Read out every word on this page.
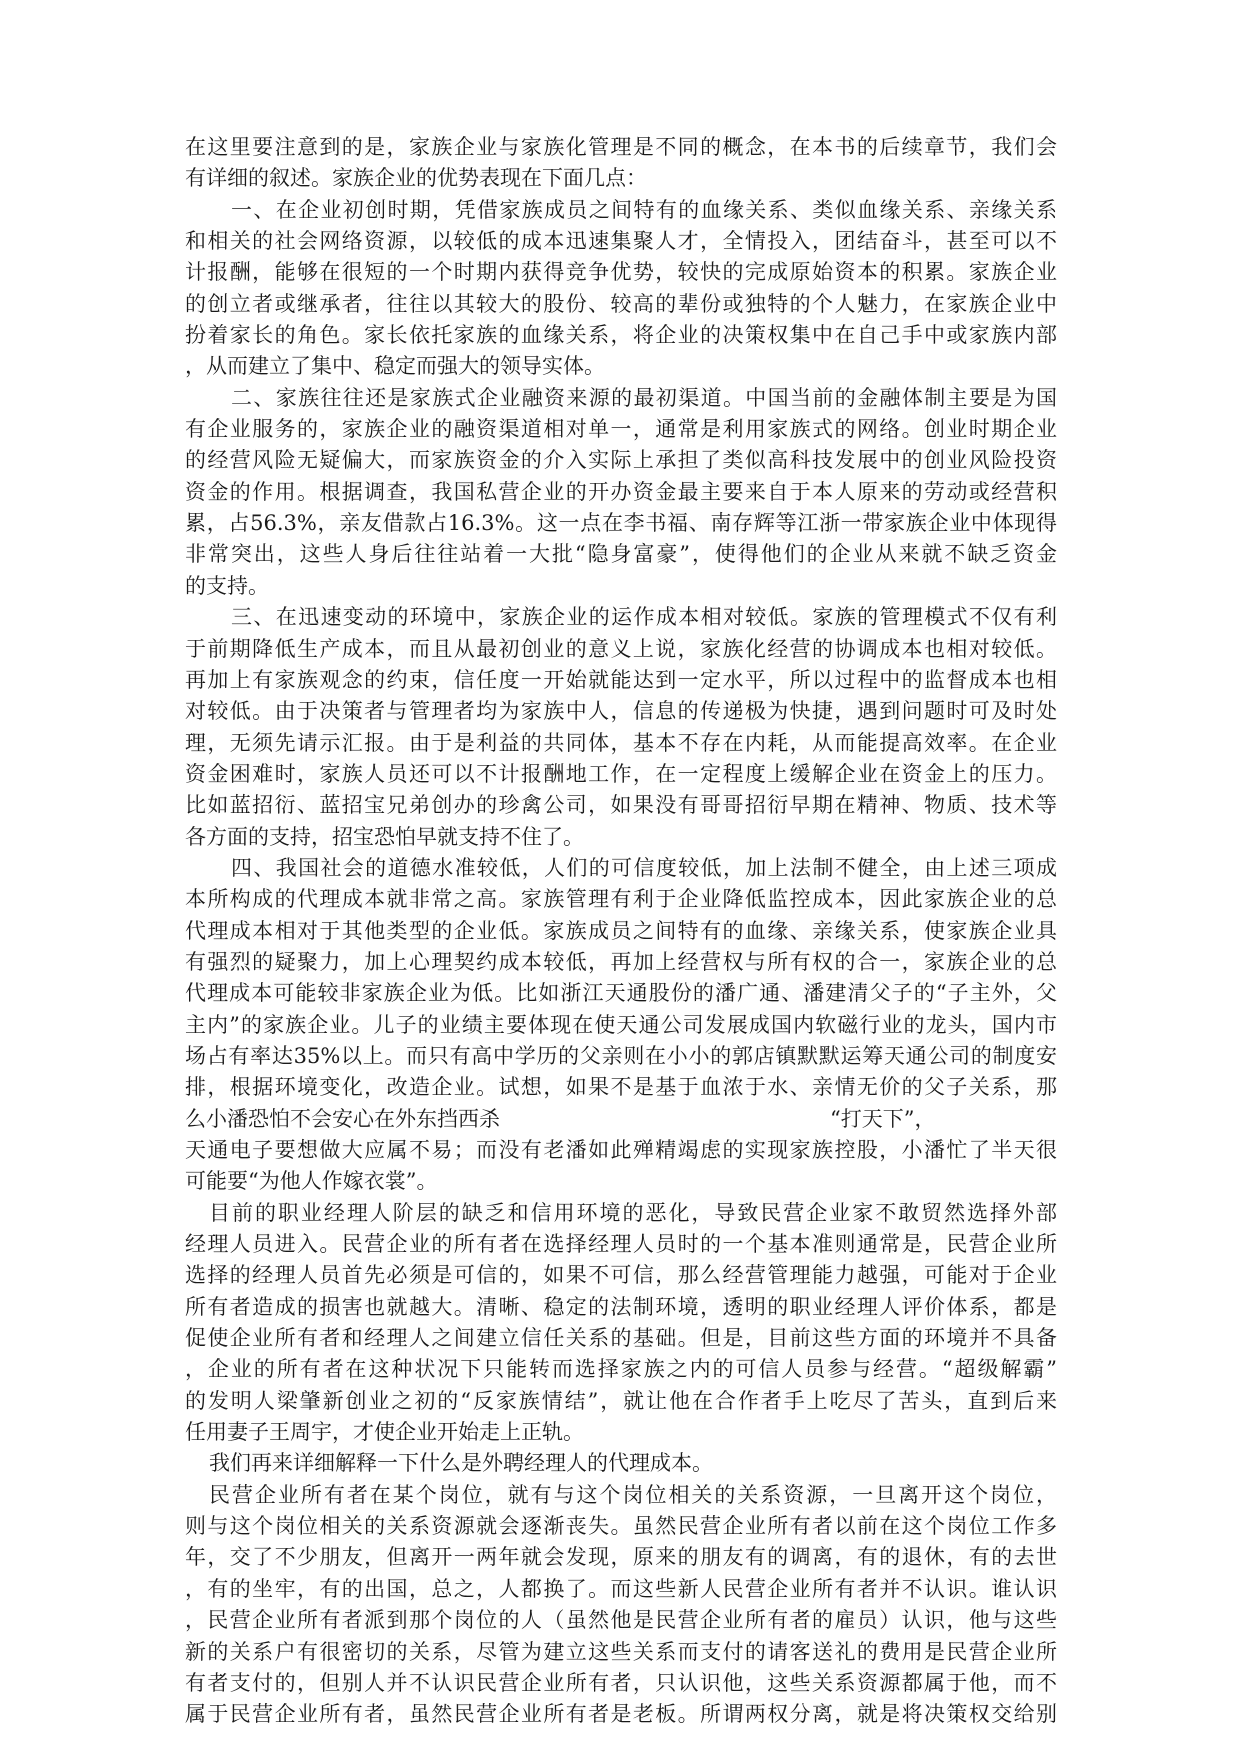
在这里要注意到的是，家族企业与家族化管理是不同的概念，在本书的后续章节，我们会
有详细的叙述。家族企业的优势表现在下面几点：
一、在企业初创时期，凭借家族成员之间特有的血缘关系、类似血缘关系、亲缘关系
和相关的社会网络资源，以较低的成本迅速集聚人才，全情投入，团结奋斗，甚至可以不
计报酬，能够在很短的一个时期内获得竞争优势，较快的完成原始资本的积累。家族企业
的创立者或继承者，往往以其较大的股份、较高的辈份或独特的个人魅力，在家族企业中
扮着家长的角色。家长依托家族的血缘关系，将企业的决策权集中在自己手中或家族内部
，从而建立了集中、稳定而强大的领导实体。
二、家族往往还是家族式企业融资来源的最初渠道。中国当前的金融体制主要是为国
有企业服务的，家族企业的融资渠道相对单一，通常是利用家族式的网络。创业时期企业
的经营风险无疑偏大，而家族资金的介入实际上承担了类似高科技发展中的创业风险投资
资金的作用。根据调查，我国私营企业的开办资金最主要来自于本人原来的劳动或经营积
累，占56.3%，亲友借款占16.3%。这一点在李书福、南存辉等江浙一带家族企业中体现得
非常突出，这些人身后往往站着一大批“隐身富豪”，使得他们的企业从来就不缺乏资金
的支持。
三、在迅速变动的环境中，家族企业的运作成本相对较低。家族的管理模式不仅有利
于前期降低生产成本，而且从最初创业的意义上说，家族化经营的协调成本也相对较低。
再加上有家族观念的约束，信任度一开始就能达到一定水平，所以过程中的监督成本也相
对较低。由于决策者与管理者均为家族中人，信息的传递极为快捷，遇到问题时可及时处
理，无须先请示汇报。由于是利益的共同体，基本不存在内耗，从而能提高效率。在企业
资金困难时，家族人员还可以不计报酬地工作，在一定程度上缓解企业在资金上的压力。
比如蓝招衍、蓝招宝兄弟创办的珍禽公司，如果没有哥哥招衍早期在精神、物质、技术等
各方面的支持，招宝恐怕早就支持不住了。
四、我国社会的道德水准较低，人们的可信度较低，加上法制不健全，由上述三项成
本所构成的代理成本就非常之高。家族管理有利于企业降低监控成本，因此家族企业的总
代理成本相对于其他类型的企业低。家族成员之间特有的血缘、亲缘关系，使家族企业具
有强烈的疑聚力，加上心理契约成本较低，再加上经营权与所有权的合一，家族企业的总
代理成本可能较非家族企业为低。比如浙江天通股份的潘广通、潘建清父子的“子主外，父
主内”的家族企业。儿子的业绩主要体现在使天通公司发展成国内软磁行业的龙头，国内市
场占有率达35%以上。而只有高中学历的父亲则在小小的郭店镇默默运筹天通公司的制度安
排，根据环境变化，改造企业。试想，如果不是基于血浓于水、亲情无价的父子关系，那
么小潘恐怕不会安心在外东挡西杀	“打天下”，
天通电子要想做大应属不易；而没有老潘如此殚精竭虑的实现家族控股，小潘忙了半天很
可能要“为他人作嫁衣裳”。
目前的职业经理人阶层的缺乏和信用环境的恶化，导致民营企业家不敢贸然选择外部
经理人员进入。民营企业的所有者在选择经理人员时的一个基本准则通常是，民营企业所
选择的经理人员首先必须是可信的，如果不可信，那么经营管理能力越强，可能对于企业
所有者造成的损害也就越大。清晰、稳定的法制环境，透明的职业经理人评价体系，都是
促使企业所有者和经理人之间建立信任关系的基础。但是，目前这些方面的环境并不具备
，企业的所有者在这种状况下只能转而选择家族之内的可信人员参与经营。“超级解霸”
的发明人梁肇新创业之初的“反家族情结”，就让他在合作者手上吃尽了苦头，直到后来
任用妻子王周宇，才使企业开始走上正轨。
我们再来详细解释一下什么是外聘经理人的代理成本。
民营企业所有者在某个岗位，就有与这个岗位相关的关系资源，一旦离开这个岗位，
则与这个岗位相关的关系资源就会逐渐丧失。虽然民营企业所有者以前在这个岗位工作多
年，交了不少朋友，但离开一两年就会发现，原来的朋友有的调离，有的退休，有的去世
，有的坐牢，有的出国，总之，人都换了。而这些新人民营企业所有者并不认识。谁认识
，民营企业所有者派到那个岗位的人（虽然他是民营企业所有者的雇员）认识，他与这些
新的关系户有很密切的关系，尽管为建立这些关系而支付的请客送礼的费用是民营企业所
有者支付的，但别人并不认识民营企业所有者，只认识他，这些关系资源都属于他，而不
属于民营企业所有者，虽然民营企业所有者是老板。所谓两权分离，就是将决策权交给别
